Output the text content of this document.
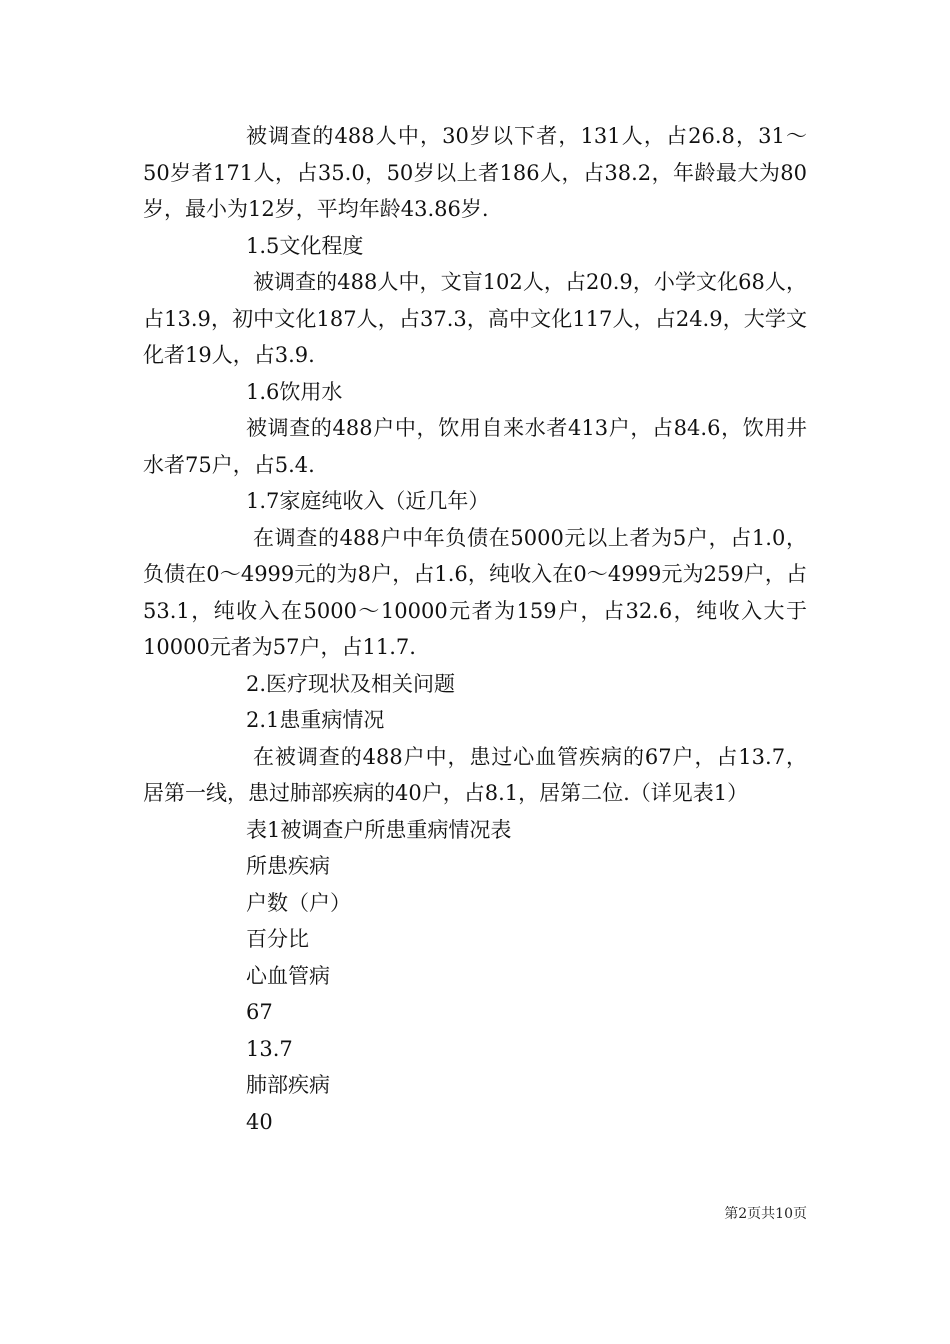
被调查的488人中，30岁以下者，131人，占26.8，31～50岁者171人，占35.0，50岁以上者186人，占38.2，年龄最大为80岁，最小为12岁，平均年龄43.86岁.

1.5文化程度

被调查的488人中，文盲102人，占20.9，小学文化68人，占13.9，初中文化187人，占37.3，高中文化117人，占24.9，大学文化者19人，占3.9.

1.6饮用水

被调查的488户中，饮用自来水者413户，占84.6，饮用井水者75户，占5.4.

1.7家庭纯收入（近几年）

在调查的488户中年负债在5000元以上者为5户，占1.0，负债在0～4999元的为8户，占1.6，纯收入在0～4999元为259户，占53.1，纯收入在5000～10000元者为159户，占32.6，纯收入大于10000元者为57户，占11.7.

2.医疗现状及相关问题

2.1患重病情况

在被调查的488户中，患过心血管疾病的67户，占13.7，居第一线，患过肺部疾病的40户，占8.1，居第二位.（详见表1）

表1被调查户所患重病情况表

所患疾病

户数（户）

百分比

心血管病

67

13.7

肺部疾病

40

第2页共10页
